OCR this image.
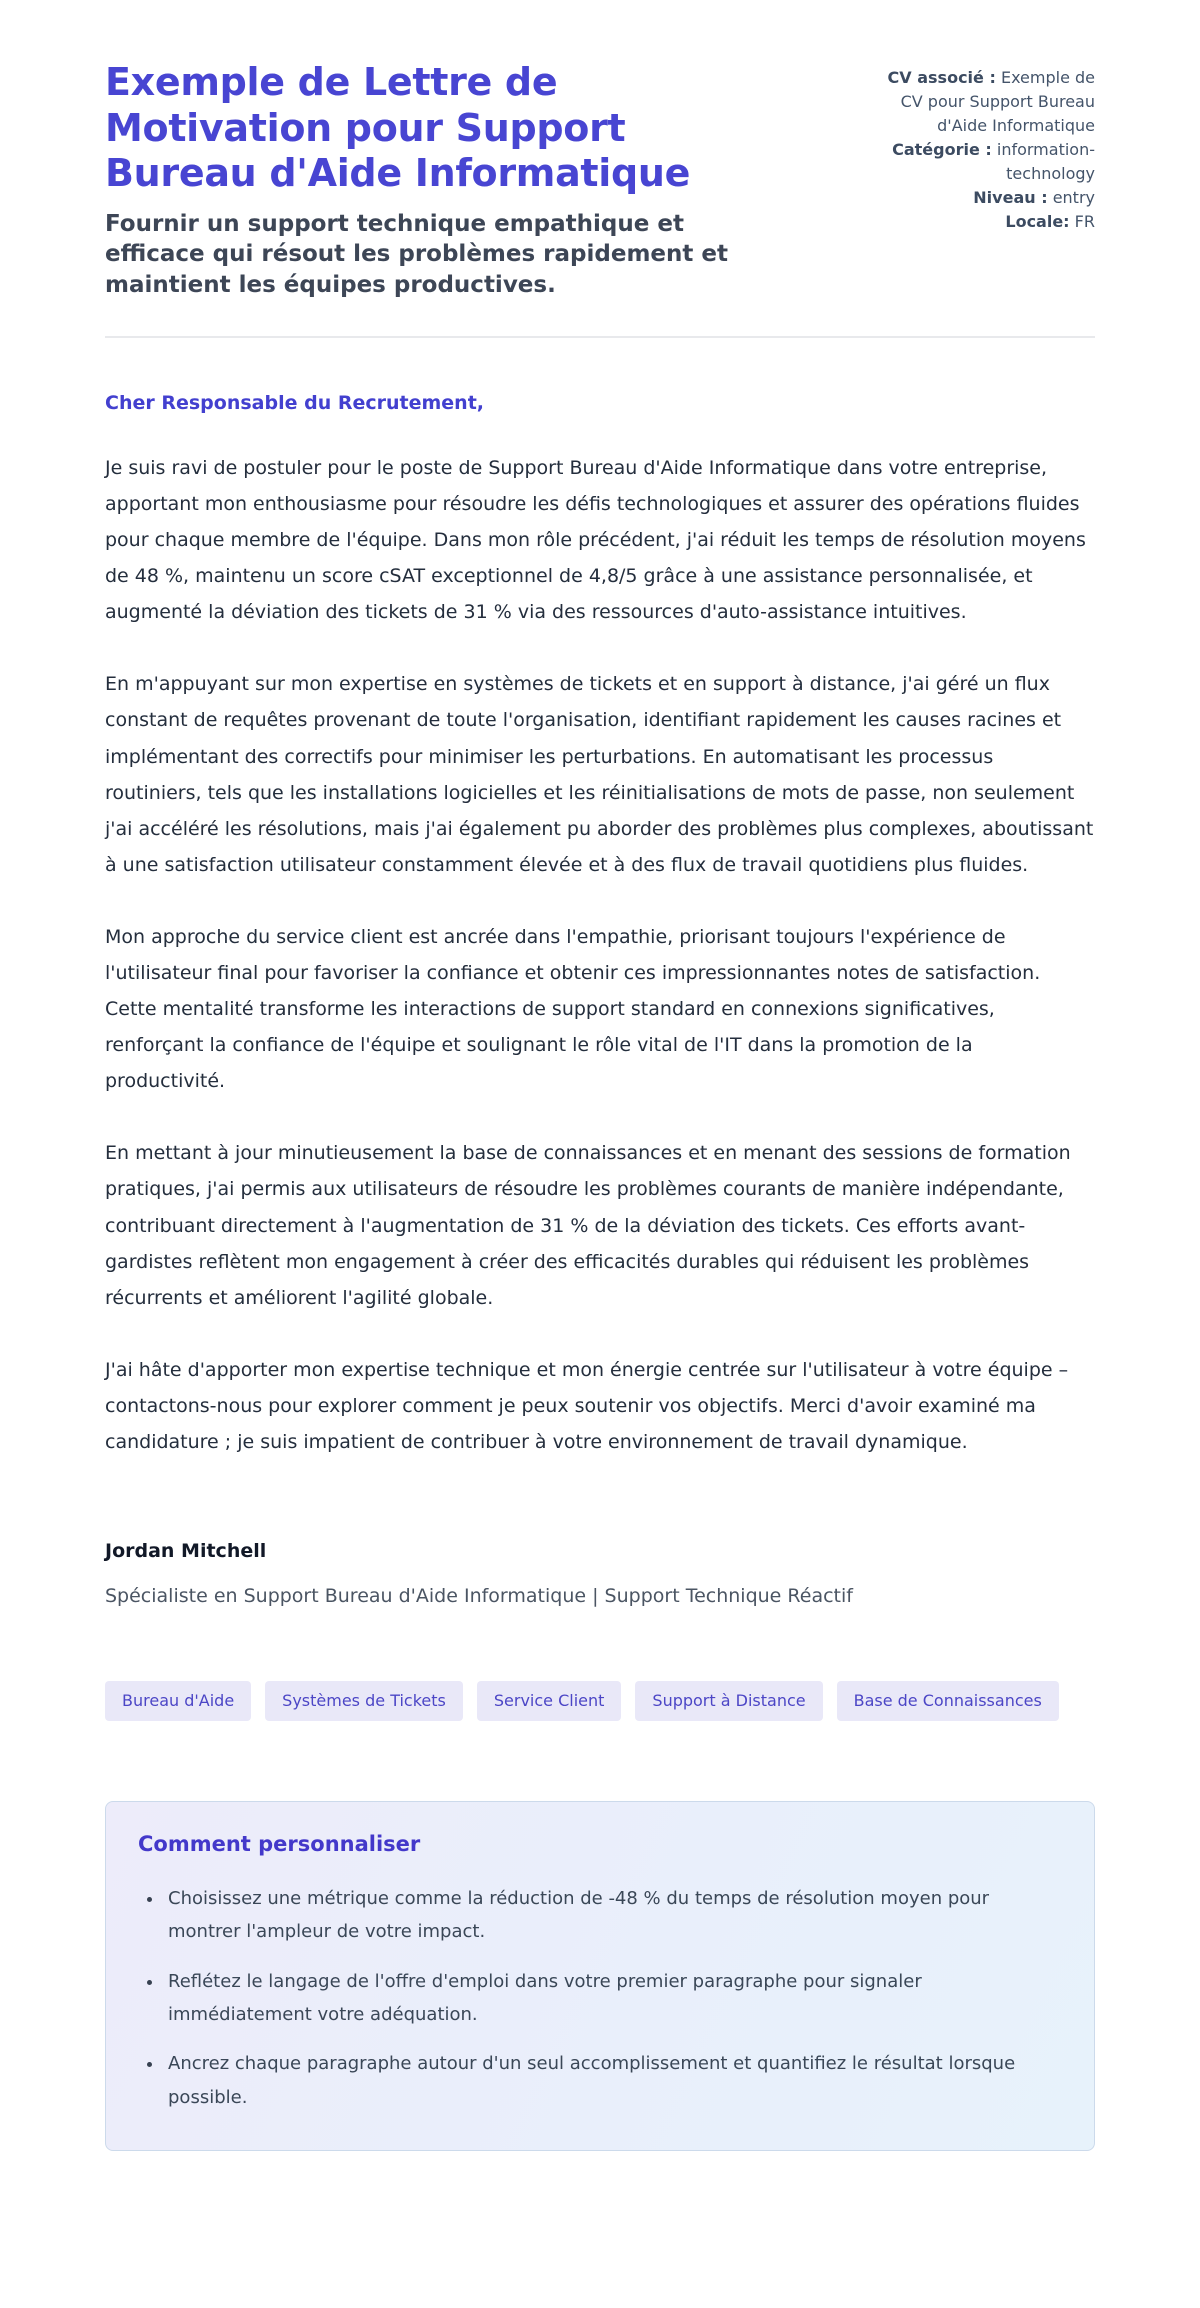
Exemple de Lettre de Motivation pour Support Bureau d'Aide Informatique

Fournir un support technique empathique et efficace qui résout les problèmes rapidement et maintient les équipes productives.

CV associé : Exemple de CV pour Support Bureau d'Aide Informatique
Catégorie : information-technology
Niveau : entry
Locale: FR

Cher Responsable du Recrutement,

Je suis ravi de postuler pour le poste de Support Bureau d'Aide Informatique dans votre entreprise, apportant mon enthousiasme pour résoudre les défis technologiques et assurer des opérations fluides pour chaque membre de l'équipe. Dans mon rôle précédent, j'ai réduit les temps de résolution moyens de 48 %, maintenu un score cSAT exceptionnel de 4,8/5 grâce à une assistance personnalisée, et augmenté la déviation des tickets de 31 % via des ressources d'auto-assistance intuitives.

En m'appuyant sur mon expertise en systèmes de tickets et en support à distance, j'ai géré un flux constant de requêtes provenant de toute l'organisation, identifiant rapidement les causes racines et implémentant des correctifs pour minimiser les perturbations. En automatisant les processus routiniers, tels que les installations logicielles et les réinitialisations de mots de passe, non seulement j'ai accéléré les résolutions, mais j'ai également pu aborder des problèmes plus complexes, aboutissant à une satisfaction utilisateur constamment élevée et à des flux de travail quotidiens plus fluides.

Mon approche du service client est ancrée dans l'empathie, priorisant toujours l'expérience de l'utilisateur final pour favoriser la confiance et obtenir ces impressionnantes notes de satisfaction. Cette mentalité transforme les interactions de support standard en connexions significatives, renforçant la confiance de l'équipe et soulignant le rôle vital de l'IT dans la promotion de la productivité.

En mettant à jour minutieusement la base de connaissances et en menant des sessions de formation pratiques, j'ai permis aux utilisateurs de résoudre les problèmes courants de manière indépendante, contribuant directement à l'augmentation de 31 % de la déviation des tickets. Ces efforts avant-gardistes reflètent mon engagement à créer des efficacités durables qui réduisent les problèmes récurrents et améliorent l'agilité globale.

J'ai hâte d'apporter mon expertise technique et mon énergie centrée sur l'utilisateur à votre équipe – contactons-nous pour explorer comment je peux soutenir vos objectifs. Merci d'avoir examiné ma candidature ; je suis impatient de contribuer à votre environnement de travail dynamique.

Jordan Mitchell

Spécialiste en Support Bureau d'Aide Informatique | Support Technique Réactif

Bureau d'Aide	Systèmes de Tickets	Service Client	Support à Distance	Base de Connaissances
Comment personnaliser
• Choisissez une métrique comme la réduction de -48 % du temps de résolution moyen pour montrer l'ampleur de votre impact.
• Reflétez le langage de l'offre d'emploi dans votre premier paragraphe pour signaler immédiatement votre adéquation.
• Ancrez chaque paragraphe autour d'un seul accomplissement et quantifiez le résultat lorsque possible.
